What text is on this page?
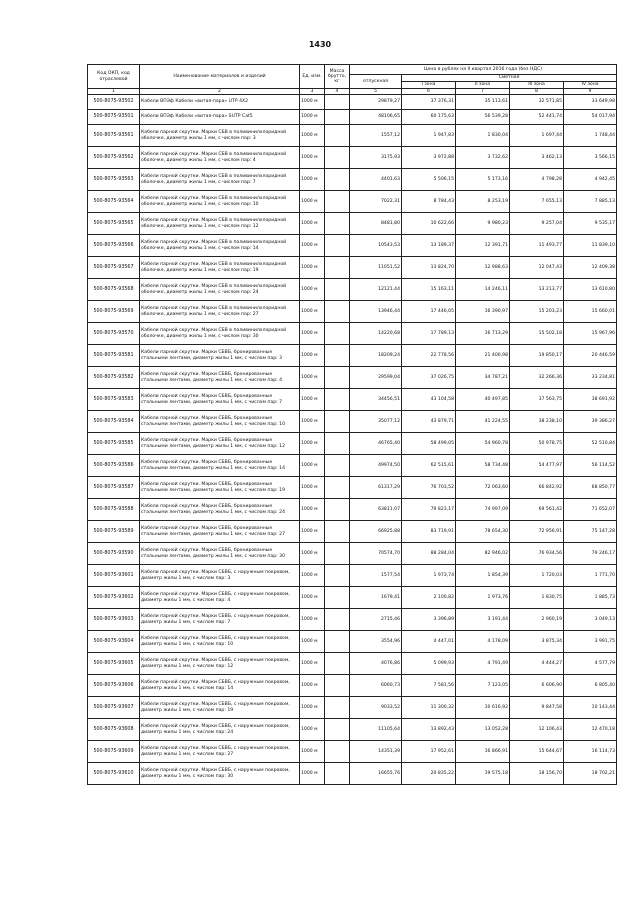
1430
Код ОКП, код отраслевой	Наименование материалов и изделий	Ед. изм.	Масса брутто, кг	Цена в рублях на II квартал 2016 года (без НДС)				
				отпускная	Сметная			
					I зона	II зона	III зона	IV зона
1	2	3	4	5	6	7	8	9
500-8075-93502	Кабели ВПЭф Кабели «витая-пара» UTP 4Х2	1000 м		29879,27	37 376,31	35 113,61	32 571,85	33 649,98
500-8075-93501	Кабели ВПЭф Кабели «витая-пара» SUTP Cat5	1000 м		48106,65	60 175,63	56 539,28	52 441,74	54 017,94
500-8075-93561	Кабели парной скрутки. Марки СБВ в поливинилхлоридной оболочке, диаметр жилы 1 мм, с числом пар: 3	1000 м		1557,12	1 947,83	1 830,04	1 697,44	1 748,44
500-8075-93562	Кабели парной скрутки. Марки СБВ в поливинилхлоридной оболочке, диаметр жилы 1 мм, с числом пар: 4	1000 м		3175,93	3 972,88	3 732,62	3 462,13	3 566,15
500-8075-93563	Кабели парной скрутки. Марки СБВ в поливинилхлоридной оболочке, диаметр жилы 1 мм, с числом пар: 7	1000 м		4401,63	5 506,15	5 173,16	4 798,28	4 942,45
500-8075-93564	Кабели парной скрутки. Марки СБВ в поливинилхлоридной оболочке, диаметр жилы 1 мм, с числом пар: 10	1000 м		7022,31	8 784,43	8 253,19	7 655,13	7 885,13
500-8075-93565	Кабели парной скрутки. Марки СБВ в поливинилхлоридной оболочке, диаметр жилы 1 мм, с числом пар: 12	1000 м		8481,80	10 622,66	9 980,23	9 257,04	9 535,17
500-8075-93566	Кабели парной скрутки. Марки СБВ в поливинилхлоридной оболочке, диаметр жилы 1 мм, с числом пар: 14	1000 м		10543,53	13 189,37	12 391,71	11 493,77	11 839,10
500-8075-93567	Кабели парной скрутки. Марки СБВ в поливинилхлоридной оболочке, диаметр жилы 1 мм, с числом пар: 19	1000 м		11051,52	13 824,70	12 988,63	12 047,43	12 409,38
500-8075-93568	Кабели парной скрутки. Марки СБВ в поливинилхлоридной оболочке, диаметр жилы 1 мм, с числом пар: 24	1000 м		12121,44	15 163,11	14 246,11	13 213,77	13 610,80
500-8075-93569	Кабели парной скрутки. Марки СБВ в поливинилхлоридной оболочке, диаметр жилы 1 мм, с числом пар: 27	1000 м		13946,44	17 446,05	16 390,97	15 203,23	15 660,01
500-8075-93570	Кабели парной скрутки. Марки СБВ в поливинилхлоридной оболочке, диаметр жилы 1 мм, с числом пар: 30	1000 м		14220,68	17 789,13	16 713,29	15 502,18	15 967,96
500-8075-93581	Кабели парной скрутки. Марки СБВБ, бронированные стальными лентами, диаметр жилы 1 мм, с числом пар: 3	1000 м		18209,24	22 778,56	21 400,98	19 850,17	20 446,59
500-8075-93582	Кабели парной скрутки. Марки СБВБ, бронированные стальными лентами, диаметр жилы 1 мм, с числом пар: 4	1000 м		29599,04	37 026,75	34 787,21	32 266,36	33 234,81
500-8075-93583	Кабели парной скрутки. Марки СБВБ, бронированные стальными лентами, диаметр жилы 1 мм, с числом пар: 7	1000 м		34456,51	43 104,58	40 497,85	37 563,75	38 691,92
500-8075-93584	Кабели парной скрутки. Марки СБВБ, бронированные стальными лентами, диаметр жилы 1 мм, с числом пар: 10	1000 м		35077,12	43 879,71	41 224,55	38 238,10	39 386,27
500-8075-93585	Кабели парной скрутки. Марки СБВБ, бронированные стальными лентами, диаметр жилы 1 мм, с числом пар: 12	1000 м		46765,40	58 499,05	54 960,78	50 978,75	52 510,84
500-8075-93586	Кабели парной скрутки. Марки СБВБ, бронированные стальными лентами, диаметр жилы 1 мм, с числом пар: 14	1000 м		49974,50	62 515,61	58 734,48	54 477,97	56 114,52
500-8075-93587	Кабели парной скрутки. Марки СБВБ, бронированные стальными лентами, диаметр жилы 1 мм, с числом пар: 19	1000 м		61317,29	76 703,52	72 063,60	66 842,92	68 850,77
500-8075-93588	Кабели парной скрутки. Марки СБВБ, бронированные стальными лентами, диаметр жилы 1 мм, с числом пар: 24	1000 м		63811,07	79 823,17	74 997,09	69 561,42	71 652,07
500-8075-93589	Кабели парной скрутки. Марки СБВБ, бронированные стальными лентами, диаметр жилы 1 мм, с числом пар: 27	1000 м		66925,88	83 719,91	78 654,30	72 956,91	75 147,28
500-8075-93590	Кабели парной скрутки. Марки СБВБ, бронированные стальными лентами, диаметр жилы 1 мм, с числом пар: 30	1000 м		70574,70	88 284,04	82 946,02	76 934,56	79 246,17
500-8075-93601	Кабели парной скрутки. Марки СБВБ, с наружным покровом, диаметр жилы 1 мм, с числом пар: 3	1000 м		1577,54	1 973,74	1 854,39	1 720,03	1 771,70
500-8075-93602	Кабели парной скрутки. Марки СБВБ, с наружным покровом, диаметр жилы 1 мм, с числом пар: 4	1000 м		1679,41	2 100,82	1 973,76	1 830,75	1 885,73
500-8075-93603	Кабели парной скрутки. Марки СБВБ, с наружным покровом, диаметр жилы 1 мм, с числом пар: 7	1000 м		2715,46	3 396,89	3 191,44	2 960,19	3 049,13
500-8075-93604	Кабели парной скрутки. Марки СБВБ, с наружным покровом, диаметр жилы 1 мм, с числом пар: 10	1000 м		3554,96	4 447,01	4 178,09	3 875,34	3 991,75
500-8075-93605	Кабели парной скрутки. Марки СБВБ, с наружным покровом, диаметр жилы 1 мм, с числом пар: 12	1000 м		4076,86	5 099,93	4 791,49	4 444,27	4 577,79
500-8075-93606	Кабели парной скрутки. Марки СБВБ, с наружным покровом, диаметр жилы 1 мм, с числом пар: 14	1000 м		6060,73	7 581,56	7 123,05	6 606,90	6 805,40
500-8075-93607	Кабели парной скрутки. Марки СБВБ, с наружным покровом, диаметр жилы 1 мм, с числом пар: 19	1000 м		9033,52	11 300,32	10 616,92	9 847,58	10 143,44
500-8075-93608	Кабели парной скрутки. Марки СБВБ, с наружным покровом, диаметр жилы 1 мм, с числом пар: 24	1000 м		11105,64	13 892,43	13 052,28	12 106,43	12 470,18
500-8075-93609	Кабели парной скрутки. Марки СБВБ, с наружным покровом, диаметр жилы 1 мм, с числом пар: 27	1000 м		14351,39	17 952,61	16 866,91	15 644,67	16 114,73
500-8075-93610	Кабели парной скрутки. Марки СБВБ, с наружным покровом, диаметр жилы 1 мм, с числом пар: 30	1000 м		16655,76	20 835,22	19 575,18	18 156,70	18 702,21
